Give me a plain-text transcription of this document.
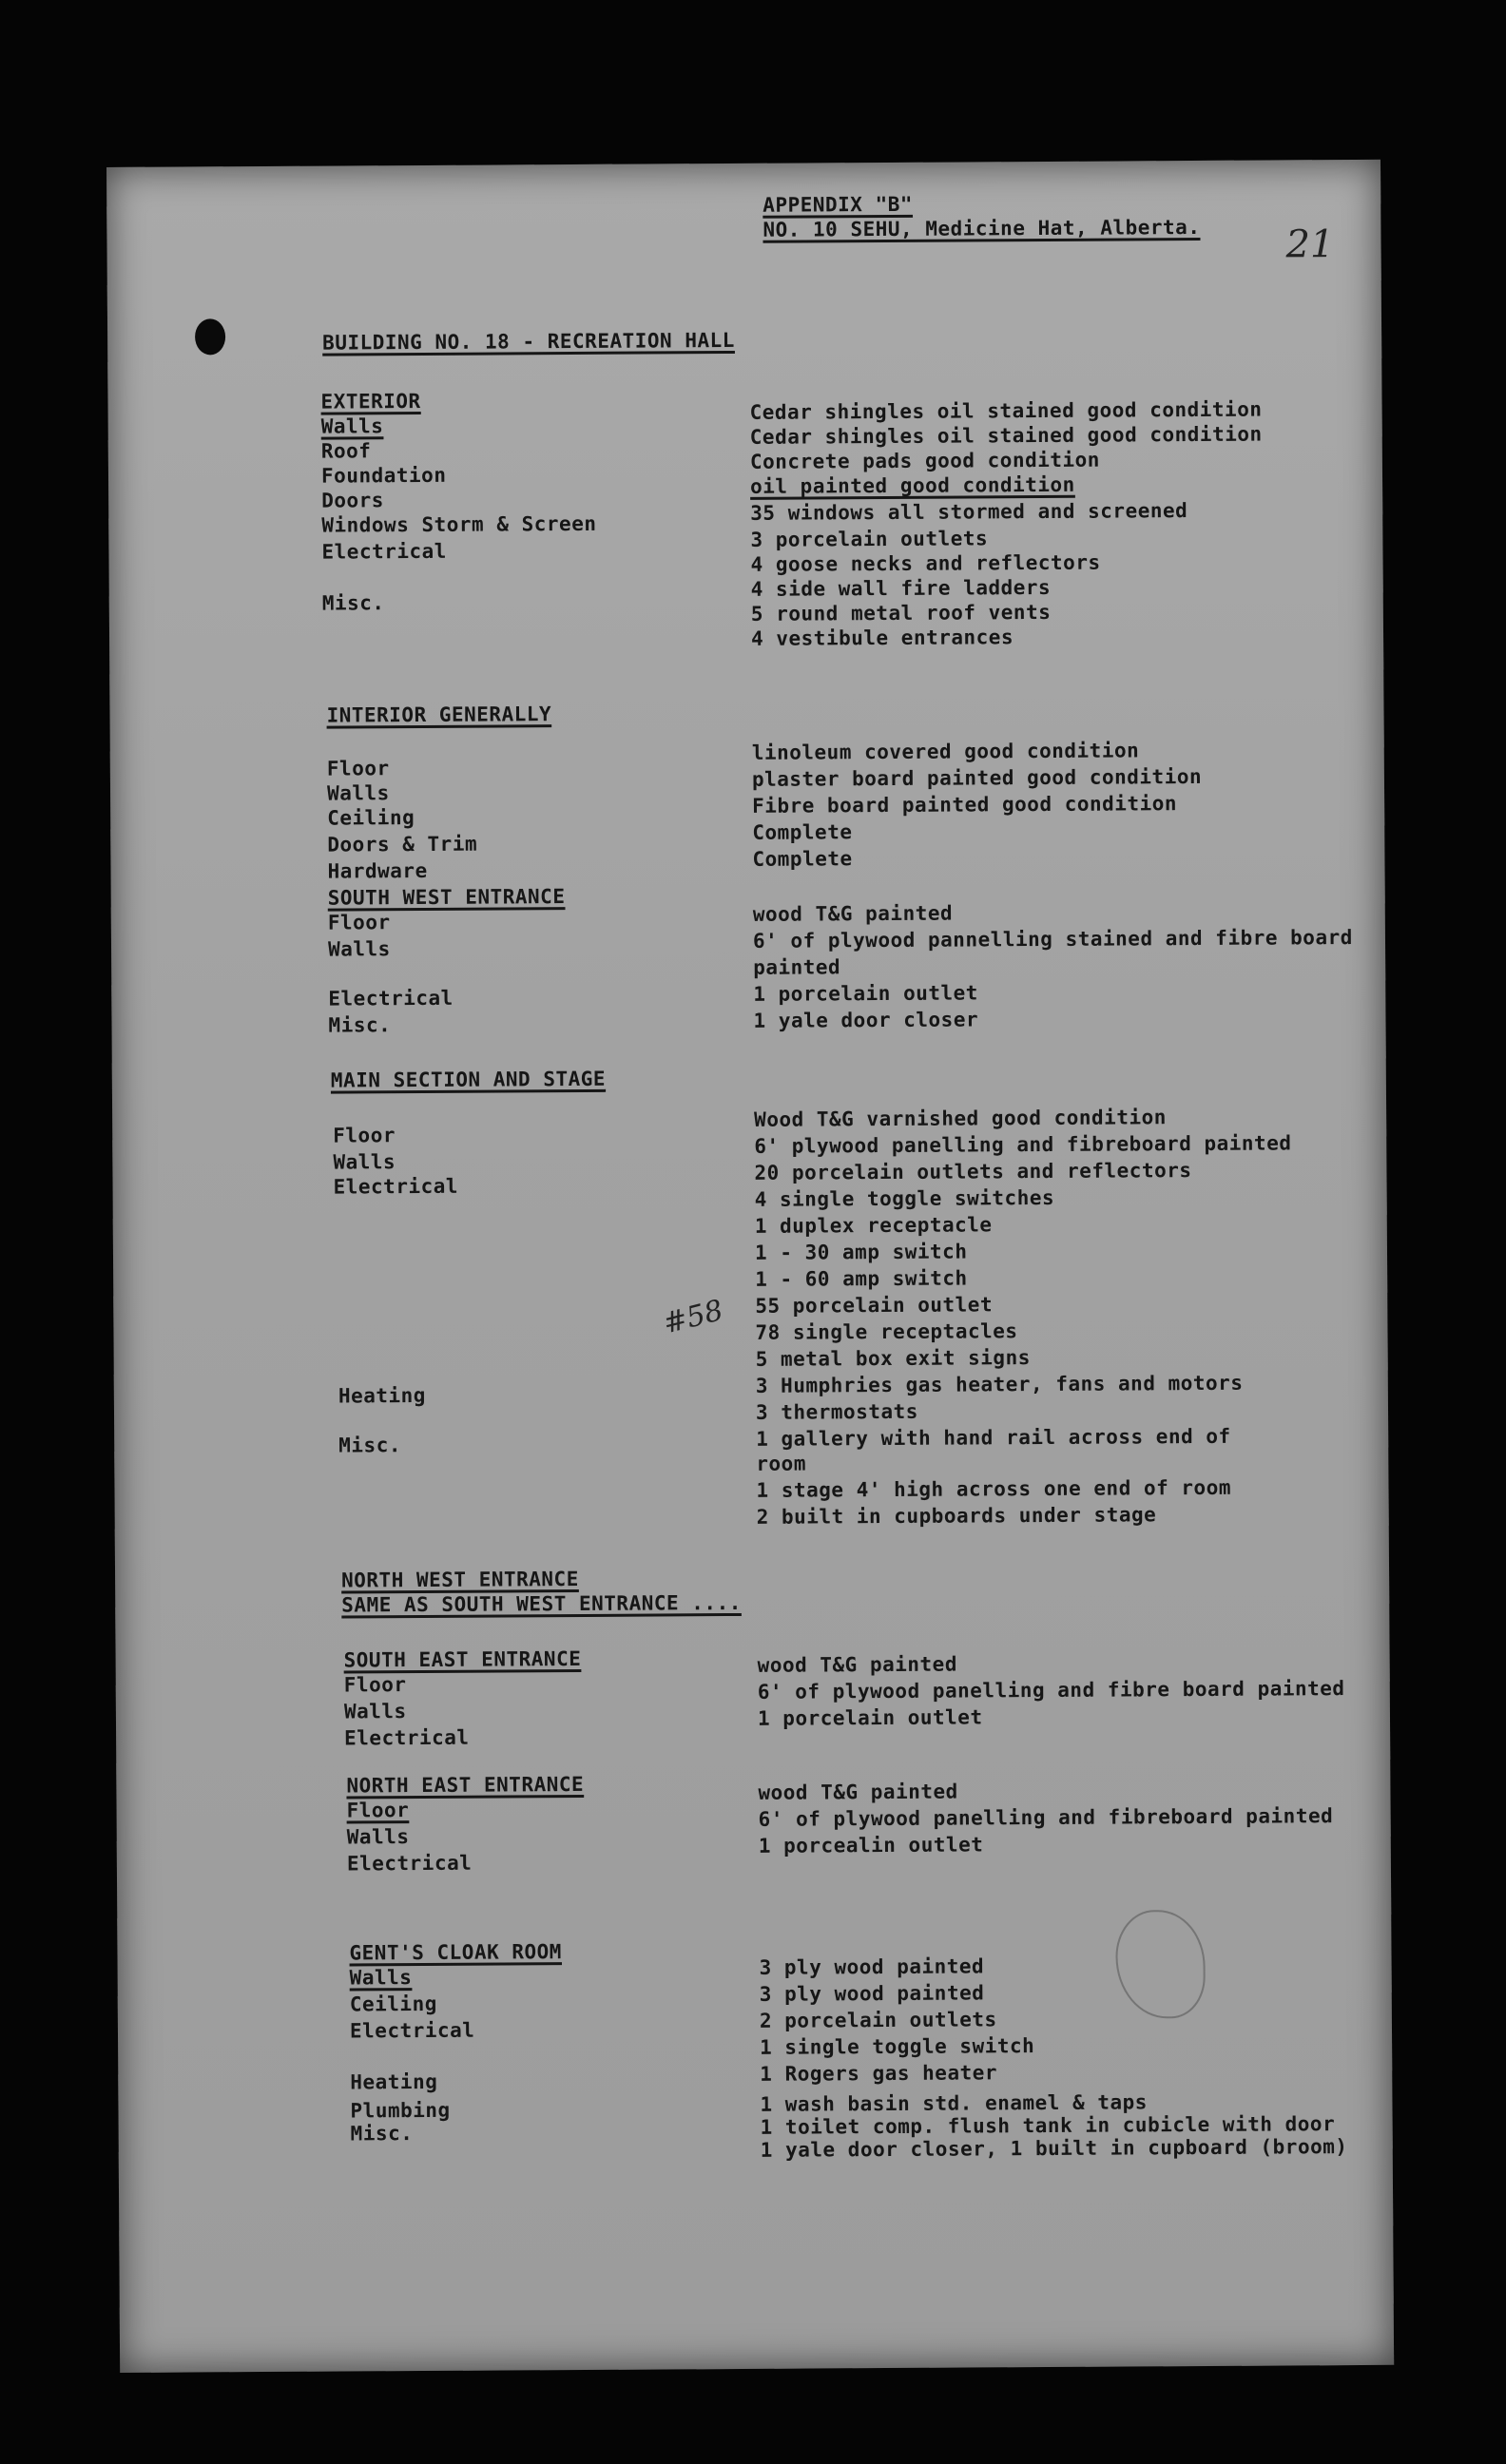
21
APPENDIX "B"
NO. 10 SEHU, Medicine Hat, Alberta.
BUILDING NO. 18 - RECREATION HALL
EXTERIOR
Walls
Roof
Foundation
Doors
Windows Storm & Screen
Electrical
Misc.
Cedar shingles oil stained good condition
Cedar shingles oil stained good condition
Concrete pads good condition
oil painted good condition
35 windows all stormed and screened
3 porcelain outlets
4 goose necks and reflectors
4 side wall fire ladders
5 round metal roof vents
4 vestibule entrances
INTERIOR GENERALLY
Floor
Walls
Ceiling
Doors & Trim
Hardware
linoleum covered good condition
plaster board painted good condition
Fibre board painted good condition
Complete
Complete
SOUTH WEST ENTRANCE
Floor
Walls
Electrical
Misc.
wood T&G painted
6' of plywood pannelling stained and fibre board
painted
1 porcelain outlet
1 yale door closer
MAIN SECTION AND STAGE
Floor
Walls
Electrical
Heating
Misc.
Wood T&G varnished good condition
6' plywood panelling and fibreboard painted
20 porcelain outlets and reflectors
4 single toggle switches
1 duplex receptacle
1 - 30 amp switch
1 - 60 amp switch
55 porcelain outlet
78 single receptacles
5 metal box exit signs
3 Humphries gas heater, fans and motors
3 thermostats
1 gallery with hand rail across end of
room
1 stage 4' high across one end of room
2 built in cupboards under stage
#58
NORTH WEST ENTRANCE
SAME AS SOUTH WEST ENTRANCE ....
SOUTH EAST ENTRANCE
Floor
Walls
Electrical
wood T&G painted
6' of plywood panelling and fibre board painted
1 porcelain outlet
NORTH EAST ENTRANCE
Floor
Walls
Electrical
wood T&G painted
6' of plywood panelling and fibreboard painted
1 porcealin outlet
GENT'S CLOAK ROOM
Walls
Ceiling
Electrical
Heating
Plumbing
Misc.
3 ply wood painted
3 ply wood painted
2 porcelain outlets
1 single toggle switch
1 Rogers gas heater
1 wash basin std. enamel & taps
1 toilet comp. flush tank in cubicle with door
1 yale door closer, 1 built in cupboard (broom)
